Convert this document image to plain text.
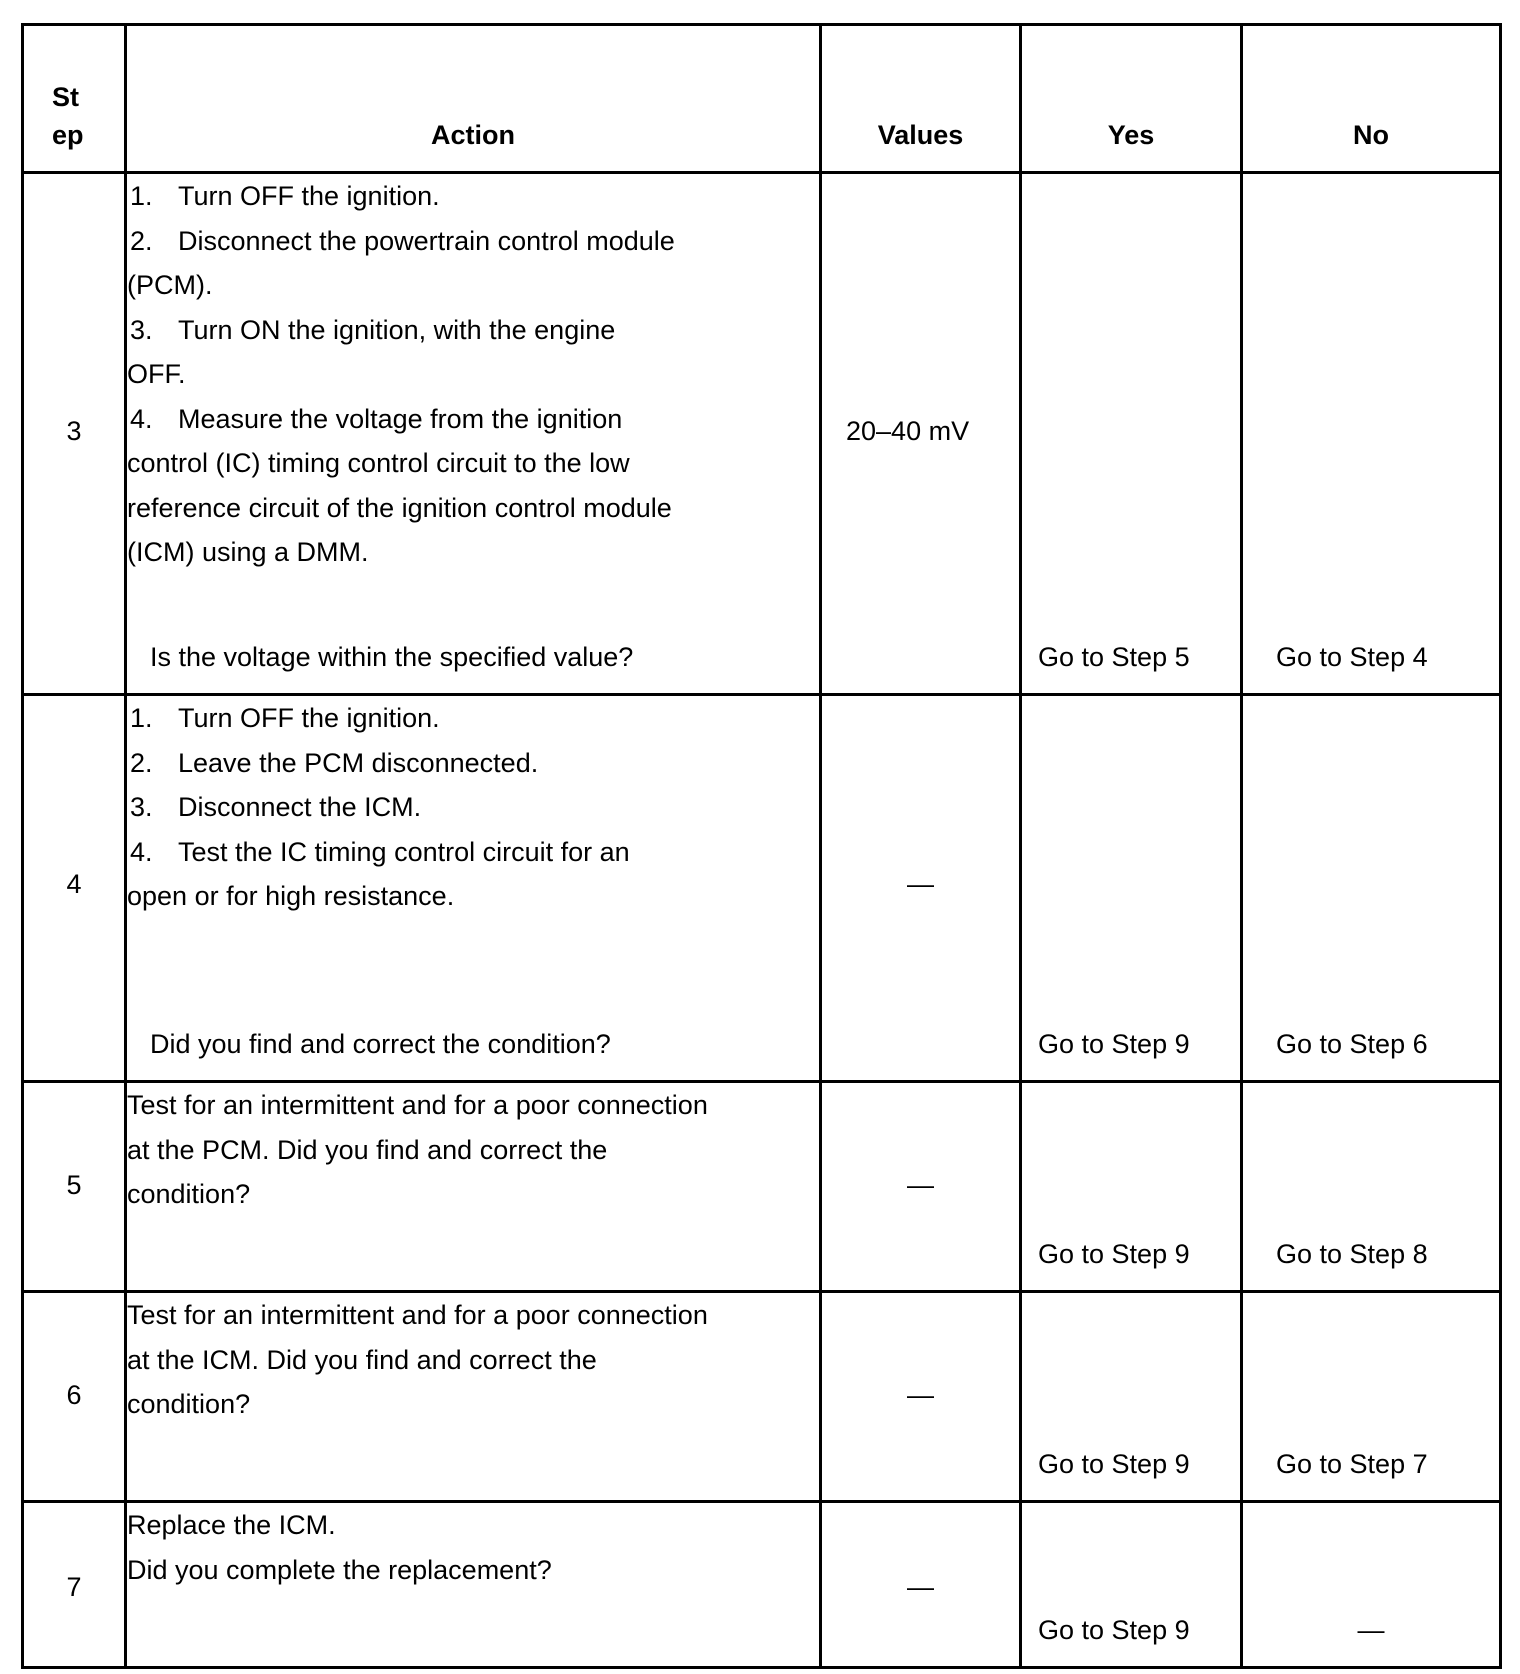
St
ep	Action	Values	Yes	No

3	1. Turn OFF the ignition.
2. Disconnect the powertrain control module (PCM).
3. Turn ON the ignition, with the engine OFF.
4. Measure the voltage from the ignition control (IC) timing control circuit to the low reference circuit of the ignition control module (ICM) using a DMM.
Is the voltage within the specified value?	20–40 mV	Go to Step 5	Go to Step 4

4	1. Turn OFF the ignition.
2. Leave the PCM disconnected.
3. Disconnect the ICM.
4. Test the IC timing control circuit for an open or for high resistance.
Did you find and correct the condition?	—	Go to Step 9	Go to Step 6

5	Test for an intermittent and for a poor connection at the PCM. Did you find and correct the condition?	—	Go to Step 9	Go to Step 8

6	Test for an intermittent and for a poor connection at the ICM. Did you find and correct the condition?	—	Go to Step 9	Go to Step 7

7	Replace the ICM.
Did you complete the replacement?	—	Go to Step 9	—
